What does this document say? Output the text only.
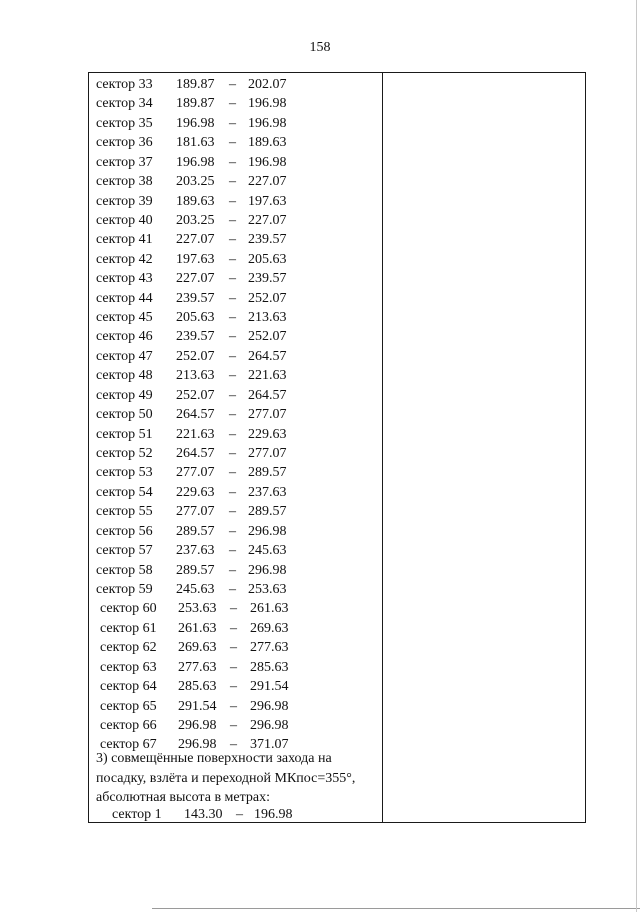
158
сектор 33 189.87 – 202.07
сектор 34 189.87 – 196.98
сектор 35 196.98 – 196.98
сектор 36 181.63 – 189.63
сектор 37 196.98 – 196.98
сектор 38 203.25 – 227.07
сектор 39 189.63 – 197.63
сектор 40 203.25 – 227.07
сектор 41 227.07 – 239.57
сектор 42 197.63 – 205.63
сектор 43 227.07 – 239.57
сектор 44 239.57 – 252.07
сектор 45 205.63 – 213.63
сектор 46 239.57 – 252.07
сектор 47 252.07 – 264.57
сектор 48 213.63 – 221.63
сектор 49 252.07 – 264.57
сектор 50 264.57 – 277.07
сектор 51 221.63 – 229.63
сектор 52 264.57 – 277.07
сектор 53 277.07 – 289.57
сектор 54 229.63 – 237.63
сектор 55 277.07 – 289.57
сектор 56 289.57 – 296.98
сектор 57 237.63 – 245.63
сектор 58 289.57 – 296.98
сектор 59 245.63 – 253.63
сектор 60 253.63 – 261.63
сектор 61 261.63 – 269.63
сектор 62 269.63 – 277.63
сектор 63 277.63 – 285.63
сектор 64 285.63 – 291.54
сектор 65 291.54 – 296.98
сектор 66 296.98 – 296.98
сектор 67 296.98 – 371.07
3) совмещённые поверхности захода на
посадку, взлёта и переходной МКпос=355°,
абсолютная высота в метрах:
сектор 1 143.30 – 196.98
